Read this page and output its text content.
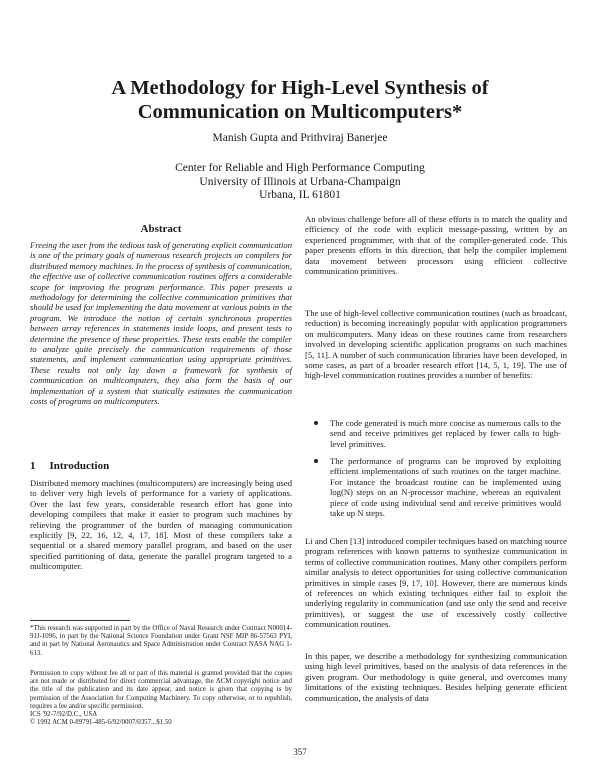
A Methodology for High-Level Synthesis of
Communication on Multicomputers*
Manish Gupta and Prithviraj Banerjee
Center for Reliable and High Performance Computing
University of Illinois at Urbana-Champaign
Urbana, IL 61801
Abstract

Freeing the user from the tedious task of generating explicit communication is one of the primary goals of numerous research projects on compilers for distributed memory machines. In the process of synthesis of communication, the effective use of collective communication routines offers a considerable scope for improving the program performance. This paper presents a methodology for determining the collective communication primitives that should be used for implementing the data movement at various points in the program. We introduce the notion of certain synchronous properties between array references in statements inside loops, and present tests to determine the presence of these properties. These tests enable the compiler to analyze quite precisely the communication requirements of those statements, and implement communication using appropriate primitives. These results not only lay down a framework for synthesis of communication on multicomputers, they also form the basis of our implementation of a system that statically estimates the communication costs of programs on multicomputers.

1 Introduction

Distributed memory machines (multicomputers) are increasingly being used to deliver very high levels of performance for a variety of applications. Over the last few years, considerable research effort has gone into developing compilers that make it easier to program such machines by relieving the programmer of the burden of managing communication explicitly [9, 22, 16, 12, 4, 17, 18]. Most of these compilers take a sequential or a shared memory parallel program, and based on the user specified partitioning of data, generate the parallel program targeted to a multicomputer.

*This research was supported in part by the Office of Naval Research under Contract N00014-91J-1096, in part by the National Science Foundation under Grant NSF MIP 86-57563 PYI, and in part by National Aeronautics and Space Administration under Contract NASA NAG 1-613.

Permission to copy without fee all or part of this material is granted provided that the copies are not made or distributed for direct commercial advantage, the ACM copyright notice and the title of the publication and its date appear, and notice is given that copying is by permission of the Association for Computing Machinery. To copy otherwise, or to republish, requires a fee and/or specific permission.
ICS '92-7/92/D.C., USA
© 1992 ACM 0-89791-485-6/92/0007/0357...$1.50

An obvious challenge before all of these efforts is to match the quality and efficiency of the code with explicit message-passing, written by an experienced programmer, with that of the compiler-generated code. This paper presents efforts in this direction, that help the compiler implement data movement between processors using efficient collective communication primitives.

The use of high-level collective communication routines (such as broadcast, reduction) is becoming increasingly popular with application programmers on multicomputers. Many ideas on these routines came from researchers involved in developing scientific application programs on such machines [5, 11]. A number of such communication libraries have been developed, in some cases, as part of a broader research effort [14, 5, 1, 19]. The use of high-level communication routines provides a number of benefits:

The code generated is much more concise as numerous calls to the send and receive primitives get replaced by fewer calls to high-level primitives.
The performance of programs can be improved by exploiting efficient implementations of such routines on the target machine. For instance the broadcast routine can be implemented using log(N) steps on an N-processor machine, whereas an equivalent piece of code using individual send and receive primitives would take up N steps.

Li and Chen [13] introduced compiler techniques based on matching source program references with known patterns to synthesize communication in terms of collective communication routines. Many other compilers perform similar analysis to detect opportunities for using collective communication primitives in simple cases [9, 17, 10]. However, there are numerous kinds of references on which existing techniques either fail to exploit the underlying regularity in communication (and use only the send and receive primitives), or suggest the use of excessively costly collective communication routines.

In this paper, we describe a methodology for synthesizing communication using high level primitives, based on the analysis of data references in the given program. Our methodology is quite general, and overcomes many limitations of the existing techniques. Besides helping generate efficient communication, the analysis of data

357
